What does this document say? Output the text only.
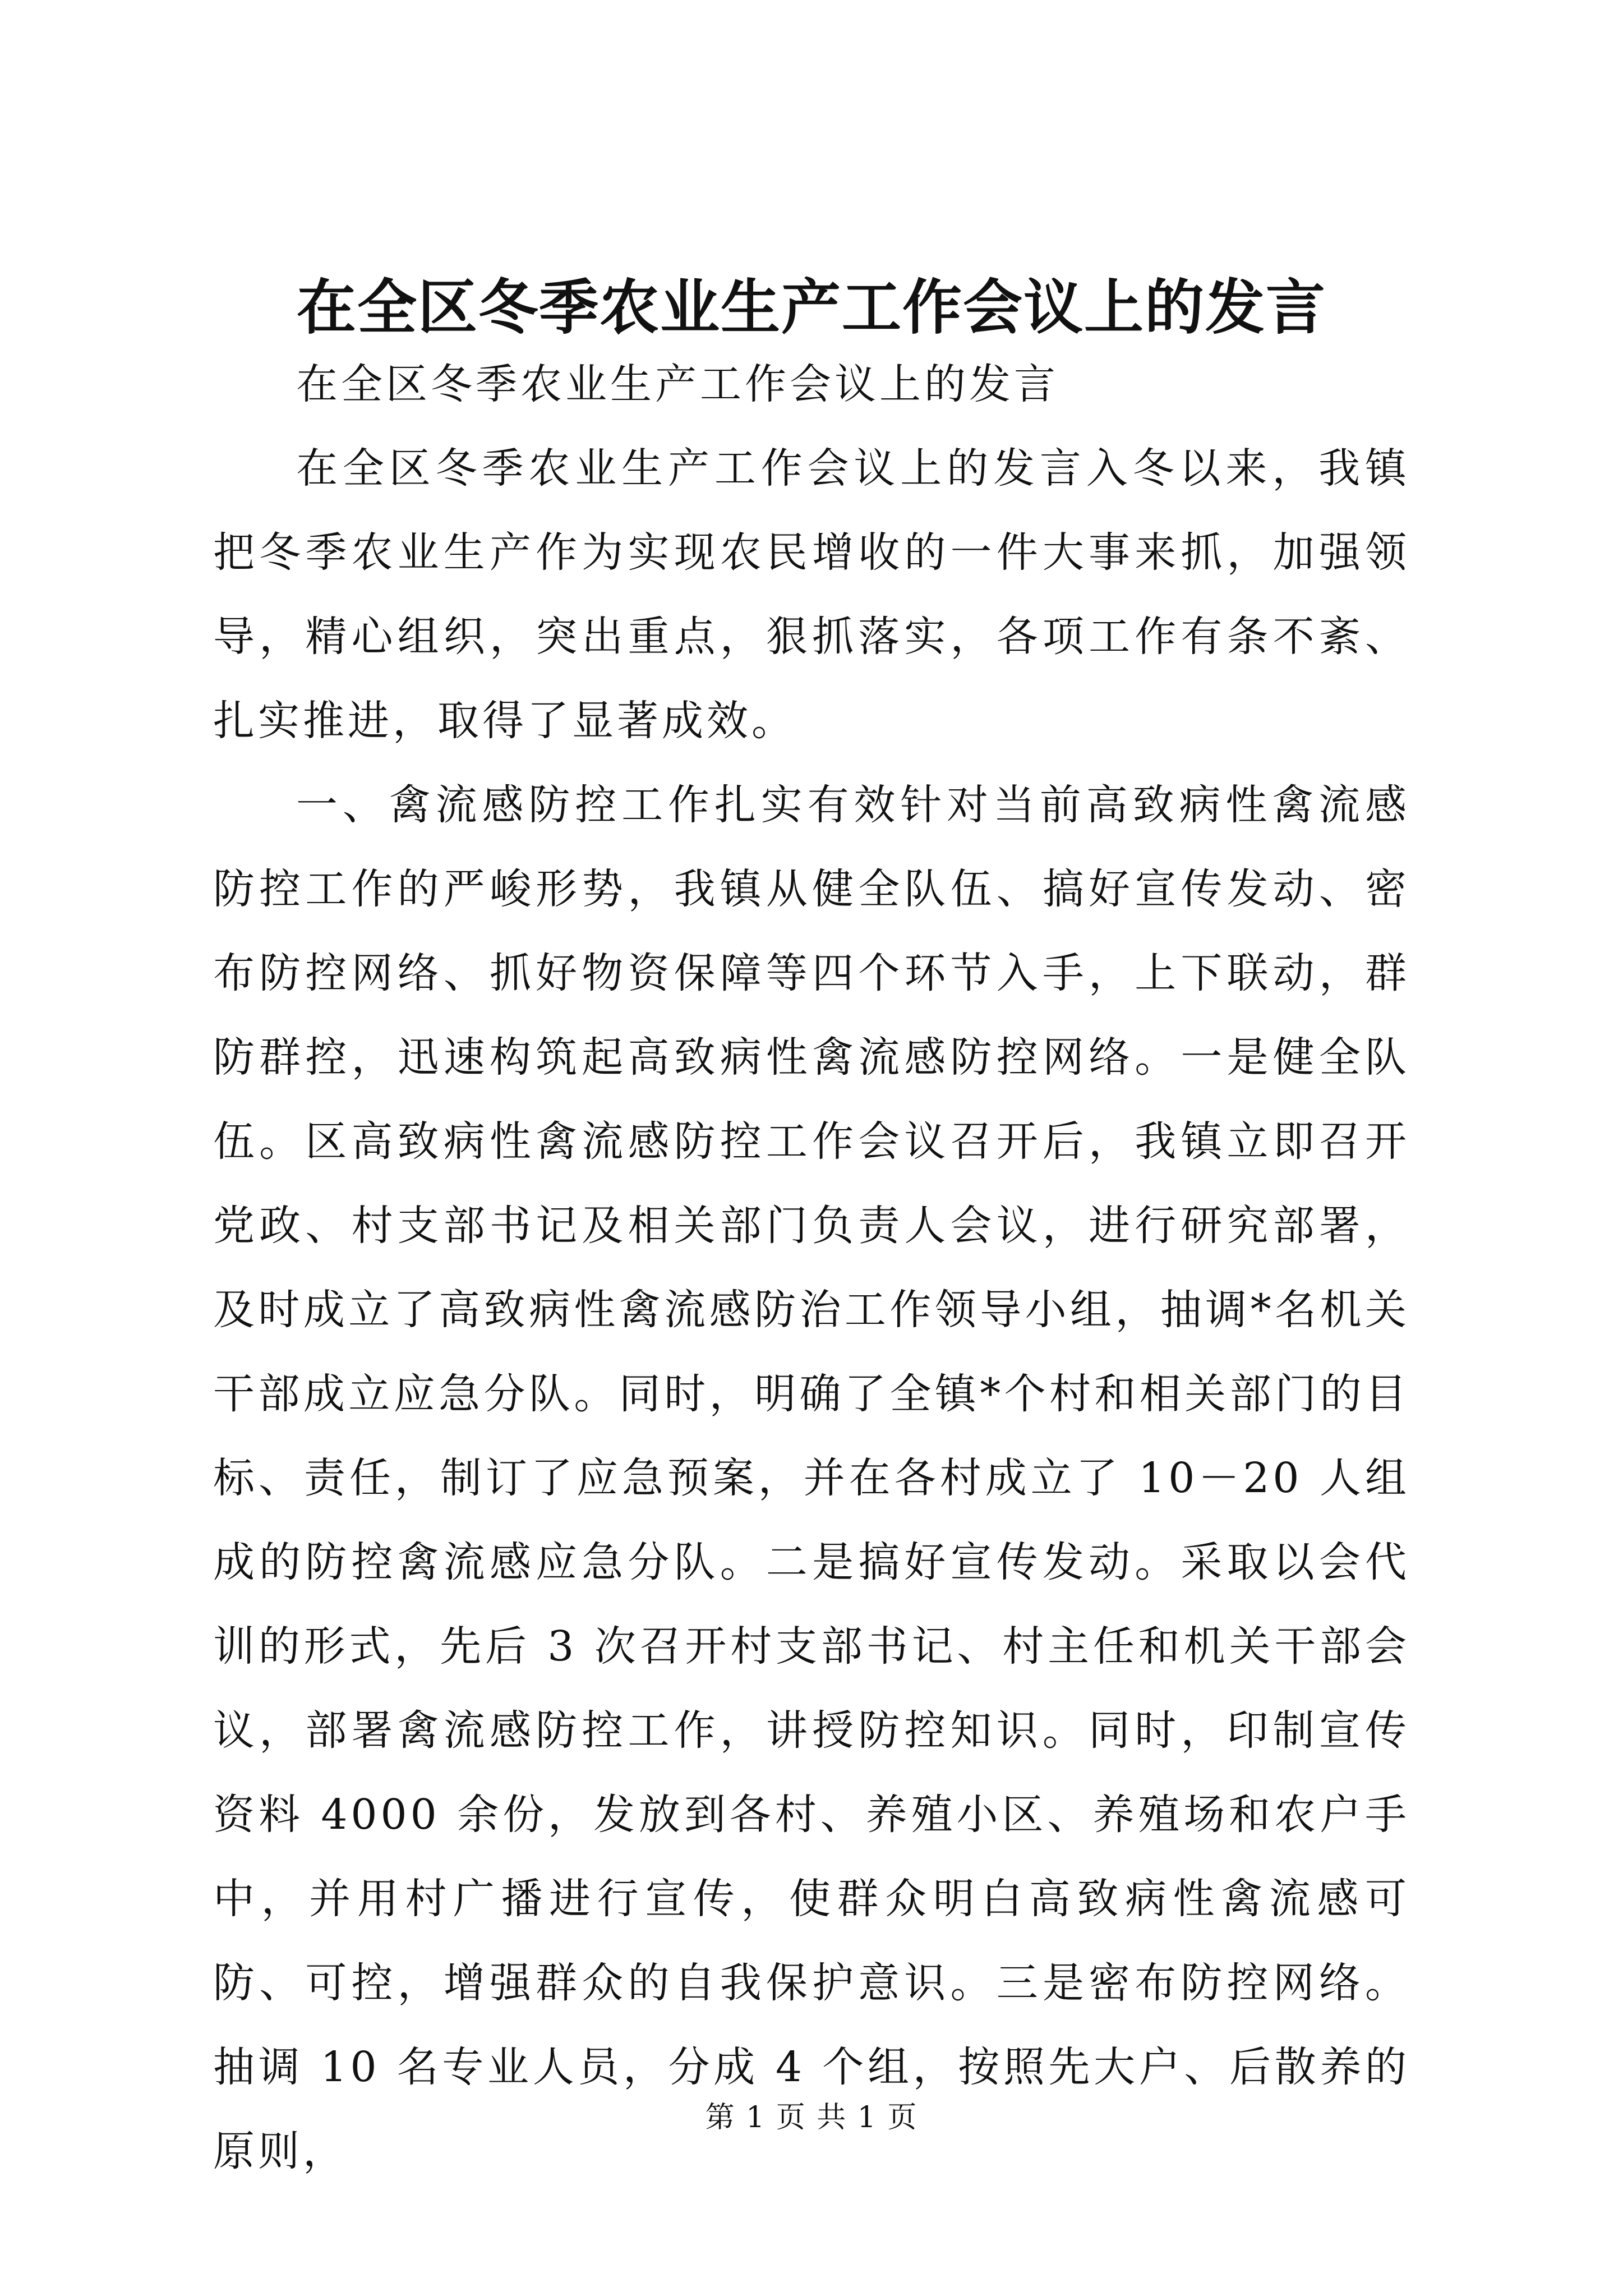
在全区冬季农业生产工作会议上的发言

在全区冬季农业生产工作会议上的发言

在全区冬季农业生产工作会议上的发言入冬以来，我镇把冬季农业生产作为实现农民增收的一件大事来抓，加强领导，精心组织，突出重点，狠抓落实，各项工作有条不紊、扎实推进，取得了显著成效。

一、禽流感防控工作扎实有效针对当前高致病性禽流感防控工作的严峻形势，我镇从健全队伍、搞好宣传发动、密布防控网络、抓好物资保障等四个环节入手，上下联动，群防群控，迅速构筑起高致病性禽流感防控网络。一是健全队伍。区高致病性禽流感防控工作会议召开后，我镇立即召开党政、村支部书记及相关部门负责人会议，进行研究部署，及时成立了高致病性禽流感防治工作领导小组，抽调*名机关干部成立应急分队。同时，明确了全镇*个村和相关部门的目标、责任，制订了应急预案，并在各村成立了 10－20 人组成的防控禽流感应急分队。二是搞好宣传发动。采取以会代训的形式，先后 3 次召开村支部书记、村主任和机关干部会议，部署禽流感防控工作，讲授防控知识。同时，印制宣传资料 4000 余份，发放到各村、养殖小区、养殖场和农户手中，并用村广播进行宣传，使群众明白高致病性禽流感可防、可控，增强群众的自我保护意识。三是密布防控网络。抽调 10 名专业人员，分成 4 个组，按照先大户、后散养的原则，

第 1 页 共 1 页
